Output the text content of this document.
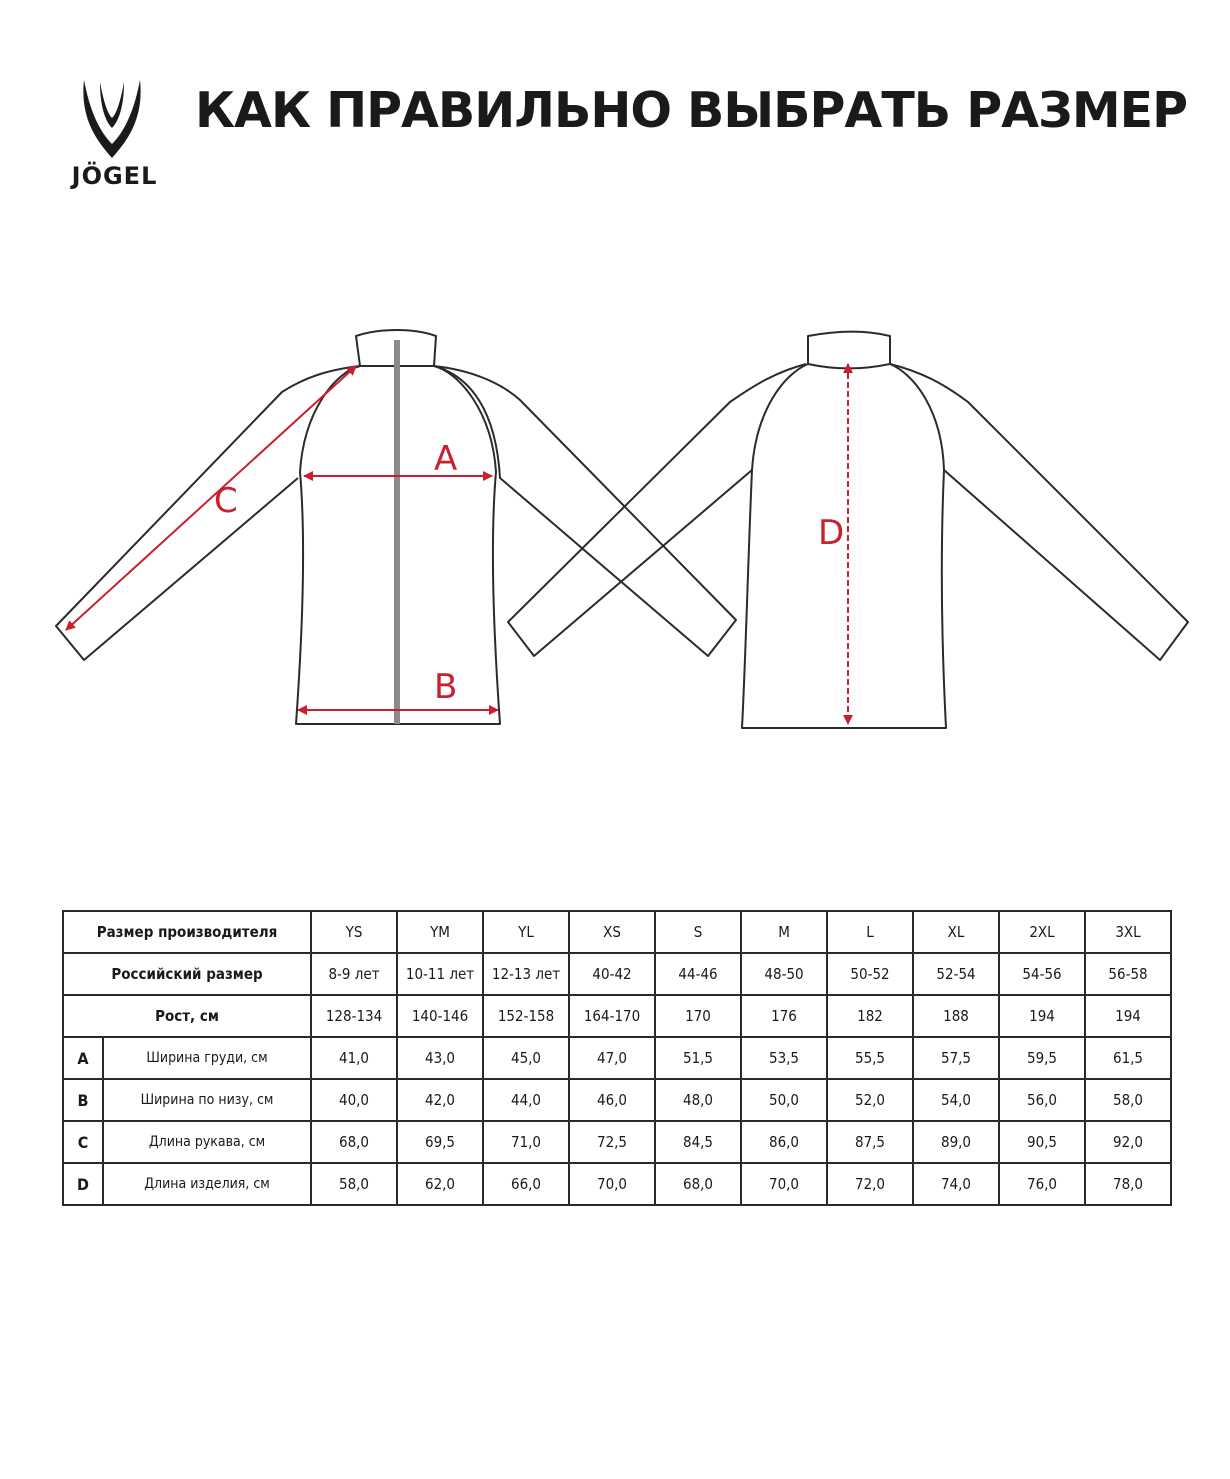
JÖGEL
КАК ПРАВИЛЬНО ВЫБРАТЬ РАЗМЕР
A
B
C
D
Размер производителя		YS	YM	YL	XS	S	M	L	XL	2XL	3XL
Российский размер		8-9 лет	10-11 лет	12-13 лет	40-42	44-46	48-50	50-52	52-54	54-56	56-58
Рост, см		128-134	140-146	152-158	164-170	170	176	182	188	194	194
A	Ширина груди, см	41,0	43,0	45,0	47,0	51,5	53,5	55,5	57,5	59,5	61,5
B	Ширина по низу, см	40,0	42,0	44,0	46,0	48,0	50,0	52,0	54,0	56,0	58,0
C	Длина рукава, см	68,0	69,5	71,0	72,5	84,5	86,0	87,5	89,0	90,5	92,0
D	Длина изделия, см	58,0	62,0	66,0	70,0	68,0	70,0	72,0	74,0	76,0	78,0
